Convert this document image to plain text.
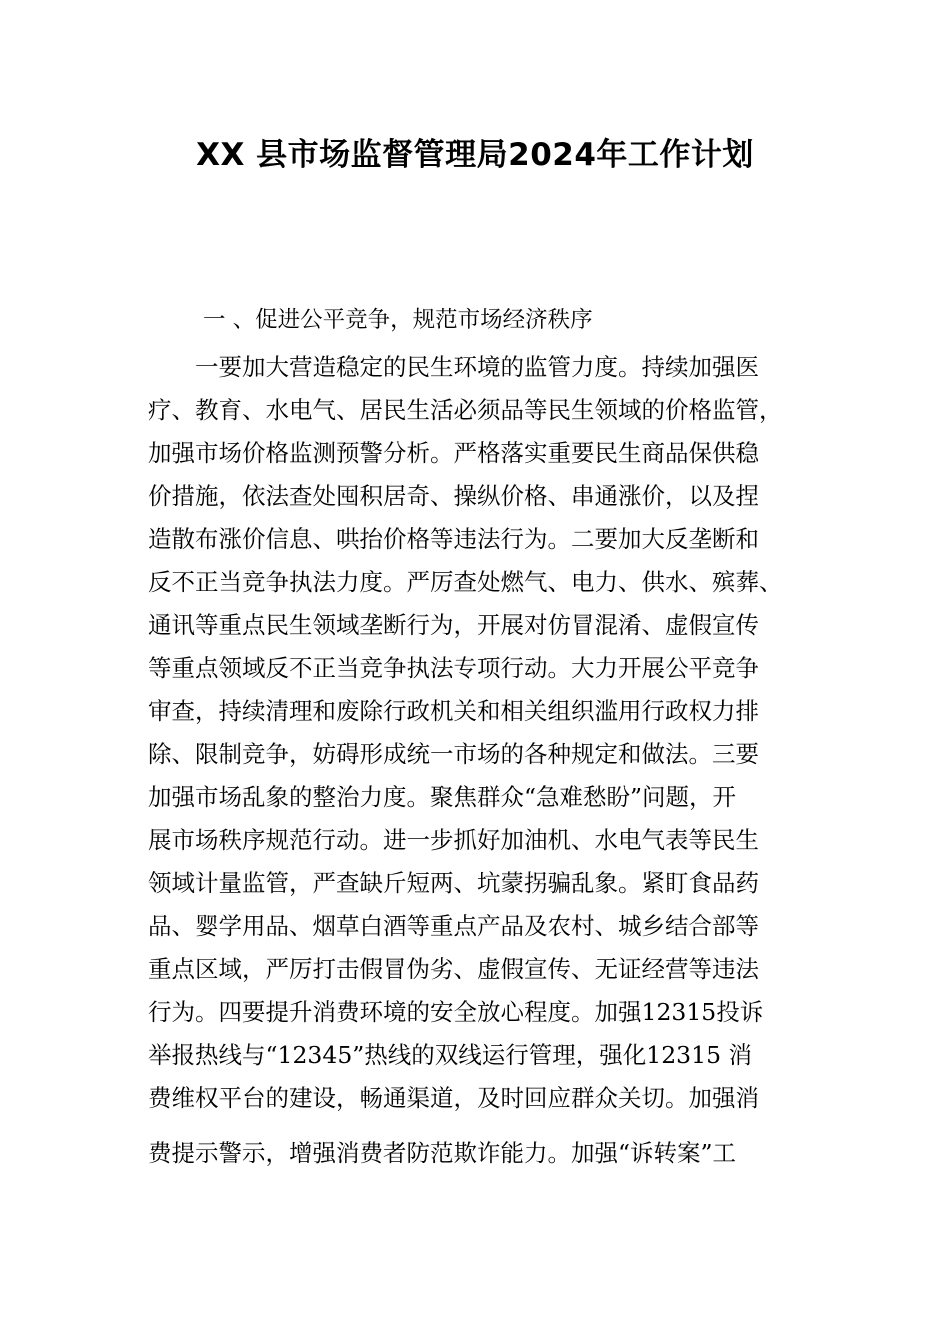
XX 县市场监督管理局2024年工作计划
一 、促进公平竞争，规范市场经济秩序
　　一要加大营造稳定的民生环境的监管力度。持续加强医
疗、教育、水电气、居民生活必须品等民生领域的价格监管，
加强市场价格监测预警分析。严格落实重要民生商品保供稳
价措施，依法查处囤积居奇、操纵价格、串通涨价，以及捏
造散布涨价信息、哄抬价格等违法行为。二要加大反垄断和
反不正当竞争执法力度。严厉查处燃气、电力、供水、殡葬、
通讯等重点民生领域垄断行为，开展对仿冒混淆、虚假宣传
等重点领域反不正当竞争执法专项行动。大力开展公平竞争
审查，持续清理和废除行政机关和相关组织滥用行政权力排
除、限制竞争，妨碍形成统一市场的各种规定和做法。三要
加强市场乱象的整治力度。聚焦群众“急难愁盼”问题，开
展市场秩序规范行动。进一步抓好加油机、水电气表等民生
领域计量监管，严查缺斤短两、坑蒙拐骗乱象。紧盯食品药
品、婴学用品、烟草白酒等重点产品及农村、城乡结合部等
重点区域，严厉打击假冒伪劣、虚假宣传、无证经营等违法
行为。四要提升消费环境的安全放心程度。加强12315投诉
举报热线与“12345”热线的双线运行管理，强化12315 消
费维权平台的建设，畅通渠道，及时回应群众关切。加强消
费提示警示，增强消费者防范欺诈能力。加强“诉转案”工
